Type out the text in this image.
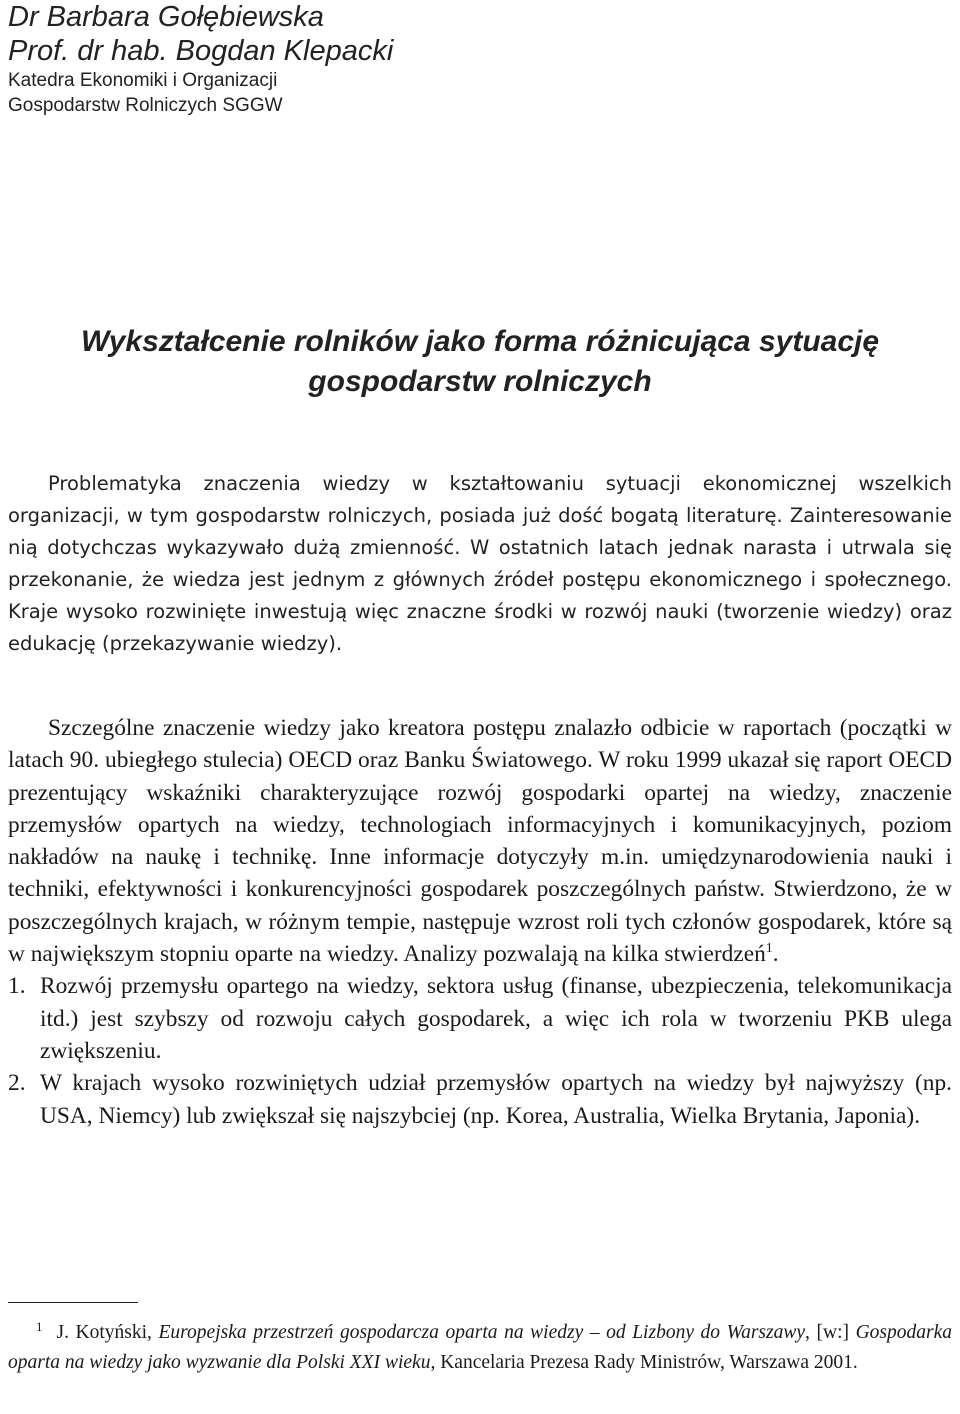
Dr Barbara Gołębiewska
Prof. dr hab. Bogdan Klepacki
Katedra Ekonomiki i Organizacji
Gospodarstw Rolniczych SGGW
Wykształcenie rolników jako forma różnicująca sytuację
gospodarstw rolniczych

Problematyka znaczenia wiedzy w kształtowaniu sytuacji ekonomicznej wszelkich organizacji, w tym gospodarstw rolniczych, posiada już dość bogatą literaturę. Zainteresowanie nią dotychczas wykazywało dużą zmienność. W ostatnich latach jednak narasta i utrwala się przekonanie, że wiedza jest jednym z głównych źródeł postępu ekonomicznego i społecznego. Kraje wysoko rozwinięte inwestują więc znaczne środki w rozwój nauki (tworzenie wiedzy) oraz edukację (przekazywanie wiedzy).

Szczególne znaczenie wiedzy jako kreatora postępu znalazło odbicie w raportach (początki w latach 90. ubiegłego stulecia) OECD oraz Banku Światowego. W roku 1999 ukazał się raport OECD prezentujący wskaźniki charakteryzujące rozwój gospodarki opartej na wiedzy, znaczenie przemysłów opartych na wiedzy, technologiach informacyjnych i komunikacyjnych, poziom nakładów na naukę i technikę. Inne informacje dotyczyły m.in. umiędzynarodowienia nauki i techniki, efektywności i konkurencyjności gospodarek poszczególnych państw. Stwierdzono, że w poszczególnych krajach, w różnym tempie, następuje wzrost roli tych członów gospodarek, które są w największym stopniu oparte na wiedzy. Analizy pozwalają na kilka stwierdzeń$^1$.

1. Rozwój przemysłu opartego na wiedzy, sektora usług (finanse, ubezpieczenia, telekomunikacja itd.) jest szybszy od rozwoju całych gospodarek, a więc ich rola w tworzeniu PKB ulega zwiększeniu.
2. W krajach wysoko rozwiniętych udział przemysłów opartych na wiedzy był najwyższy (np. USA, Niemcy) lub zwiększał się najszybciej (np. Korea, Australia, Wielka Brytania, Japonia).

$^1$ J. Kotyński, Europejska przestrzeń gospodarcza oparta na wiedzy – od Lizbony do Warszawy, [w:] Gospodarka oparta na wiedzy jako wyzwanie dla Polski XXI wieku, Kancelaria Prezesa Rady Ministrów, Warszawa 2001.
